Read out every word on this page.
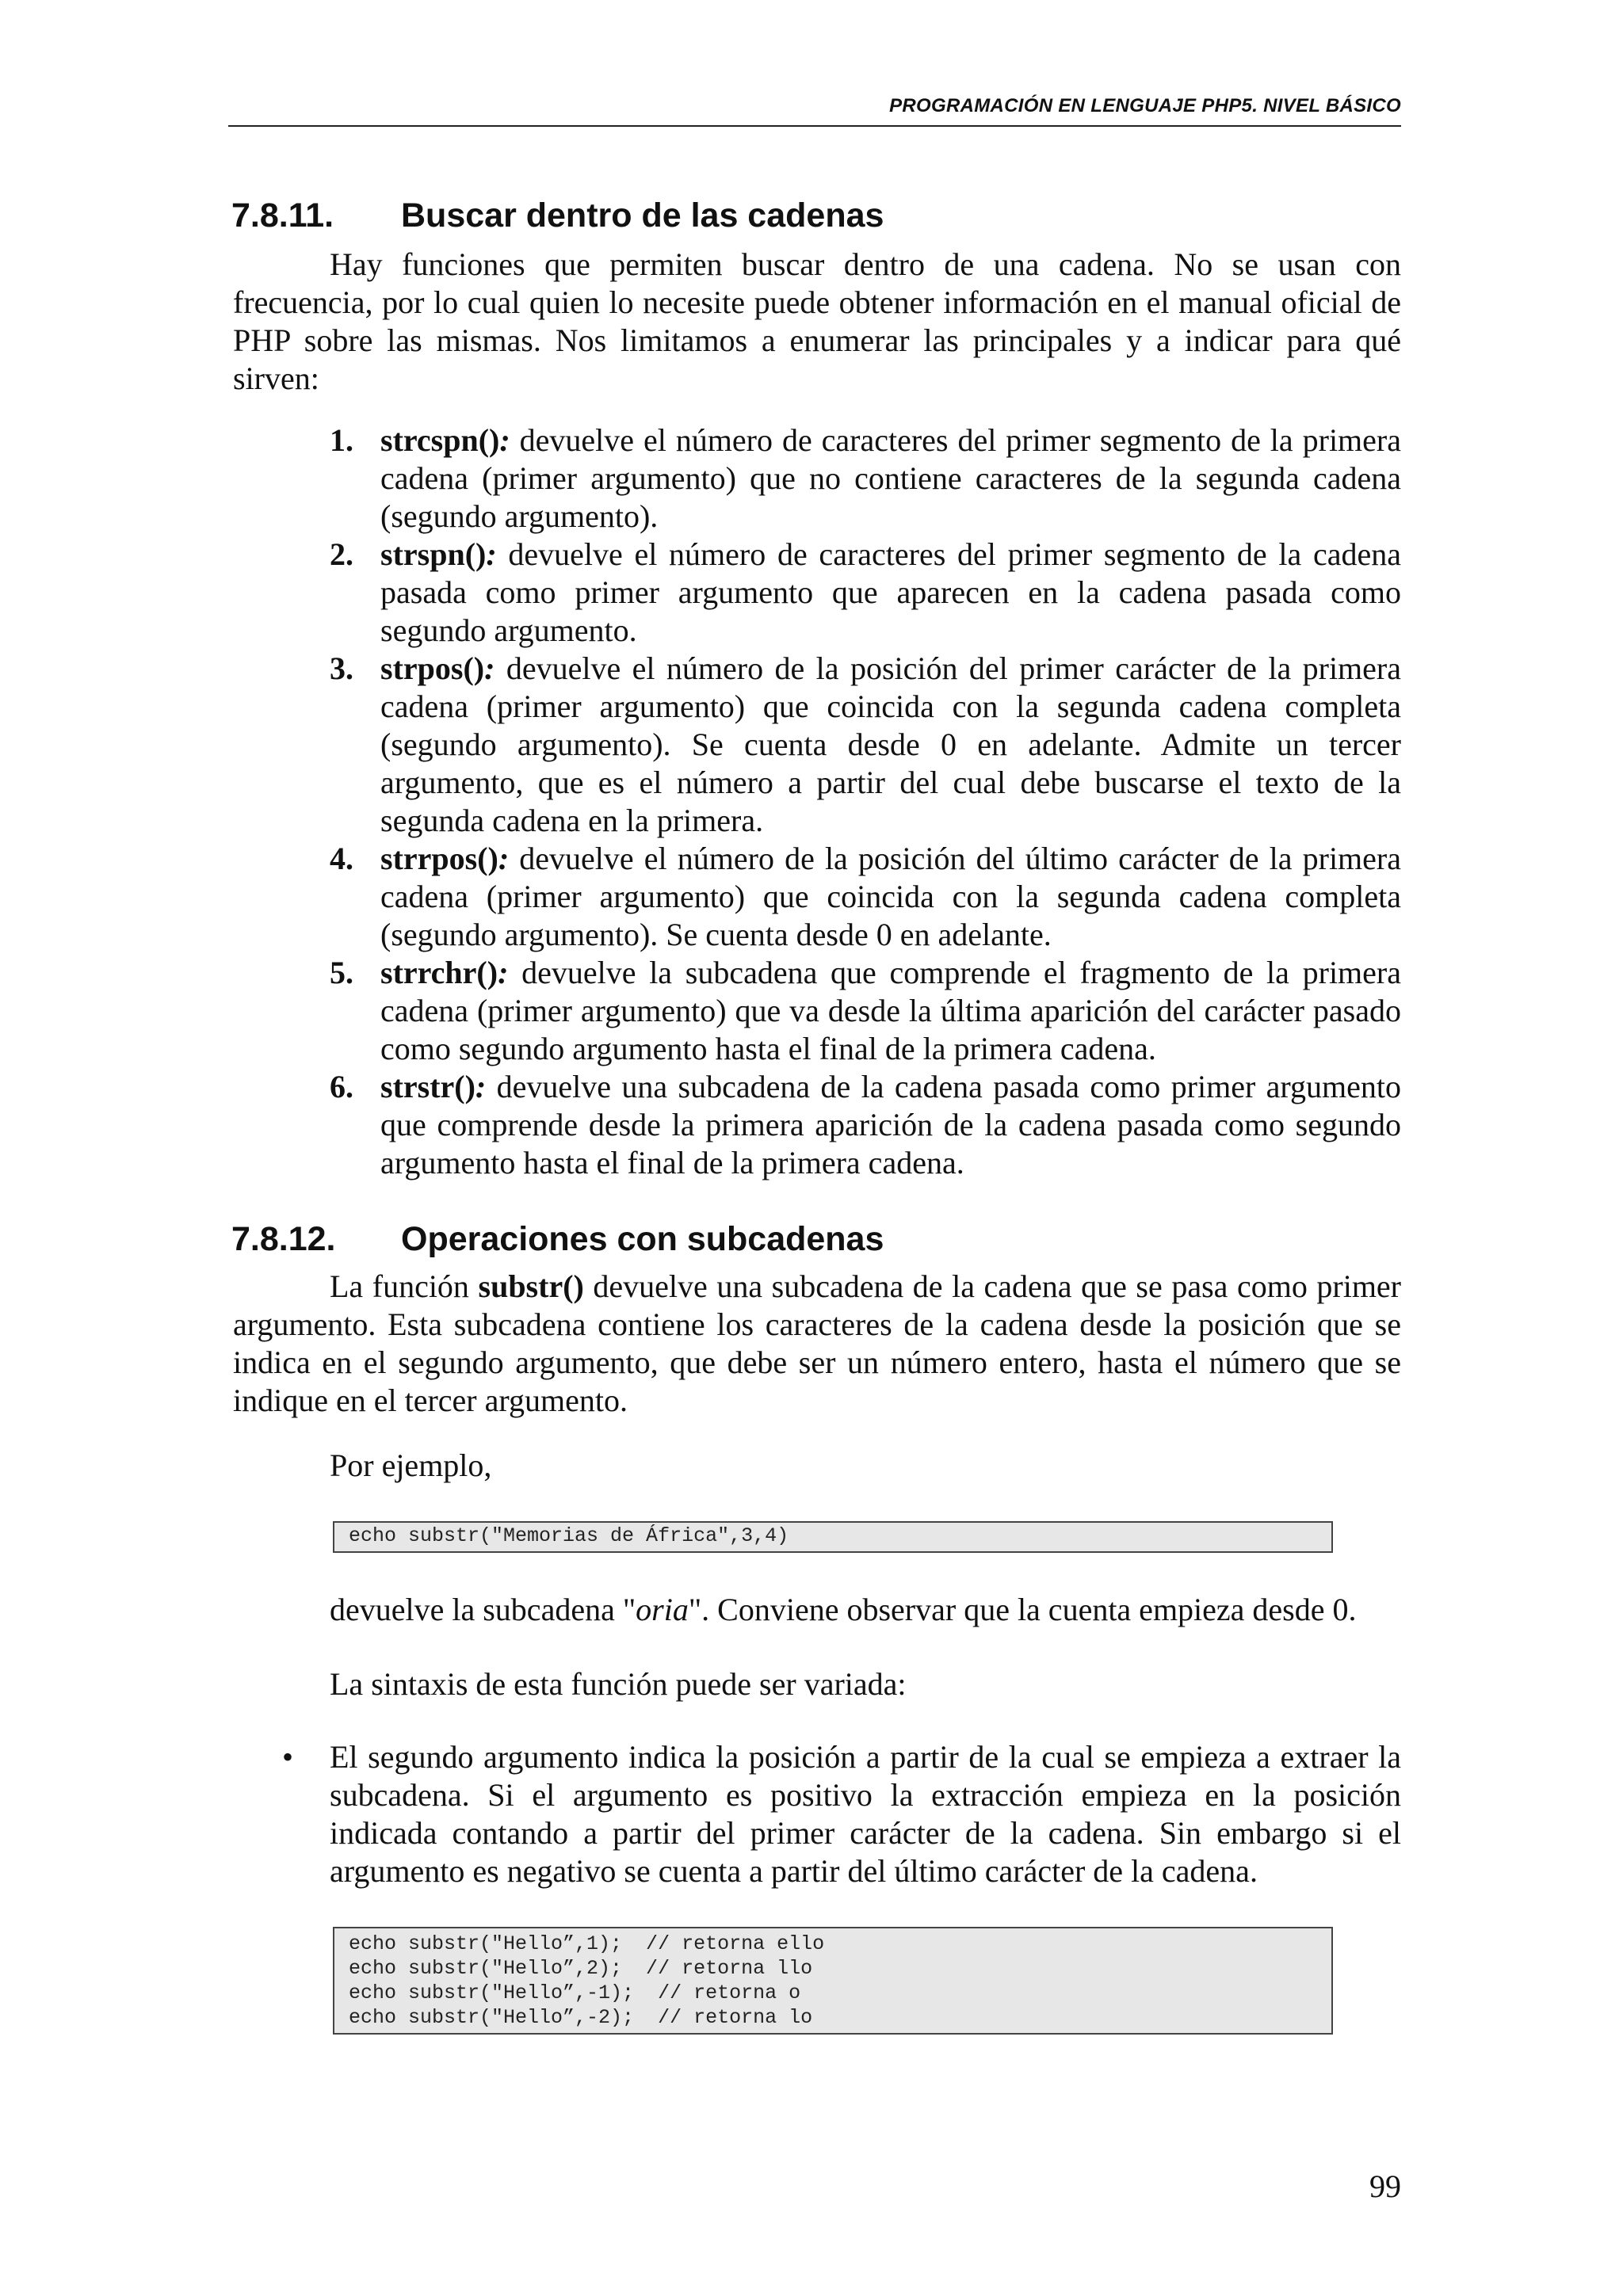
PROGRAMACIÓN EN LENGUAJE PHP5. NIVEL BÁSICO
7.8.11. Buscar dentro de las cadenas
Hay funciones que permiten buscar dentro de una cadena. No se usan con frecuencia, por lo cual quien lo necesite puede obtener información en el manual oficial de PHP sobre las mismas. Nos limitamos a enumerar las principales y a indicar para qué sirven:
1. strcspn(): devuelve el número de caracteres del primer segmento de la primera cadena (primer argumento) que no contiene caracteres de la segunda cadena (segundo argumento).
2. strspn(): devuelve el número de caracteres del primer segmento de la cadena pasada como primer argumento que aparecen en la cadena pasada como segundo argumento.
3. strpos(): devuelve el número de la posición del primer carácter de la primera cadena (primer argumento) que coincida con la segunda cadena completa (segundo argumento). Se cuenta desde 0 en adelante. Admite un tercer argumento, que es el número a partir del cual debe buscarse el texto de la segunda cadena en la primera.
4. strrpos(): devuelve el número de la posición del último carácter de la primera cadena (primer argumento) que coincida con la segunda cadena completa (segundo argumento). Se cuenta desde 0 en adelante.
5. strrchr(): devuelve la subcadena que comprende el fragmento de la primera cadena (primer argumento) que va desde la última aparición del carácter pasado como segundo argumento hasta el final de la primera cadena.
6. strstr(): devuelve una subcadena de la cadena pasada como primer argumento que comprende desde la primera aparición de la cadena pasada como segundo argumento hasta el final de la primera cadena.
7.8.12. Operaciones con subcadenas
La función substr() devuelve una subcadena de la cadena que se pasa como primer argumento. Esta subcadena contiene los caracteres de la cadena desde la posición que se indica en el segundo argumento, que debe ser un número entero, hasta el número que se indique en el tercer argumento.
Por ejemplo,
echo substr("Memorias de África",3,4)
devuelve la subcadena "oria". Conviene observar que la cuenta empieza desde 0.
La sintaxis de esta función puede ser variada:
• El segundo argumento indica la posición a partir de la cual se empieza a extraer la subcadena. Si el argumento es positivo la extracción empieza en la posición indicada contando a partir del primer carácter de la cadena. Sin embargo si el argumento es negativo se cuenta a partir del último carácter de la cadena.
echo substr("Hello”,1);  // retorna ello
echo substr("Hello”,2);  // retorna llo
echo substr("Hello”,-1);  // retorna o
echo substr("Hello”,-2);  // retorna lo
99
